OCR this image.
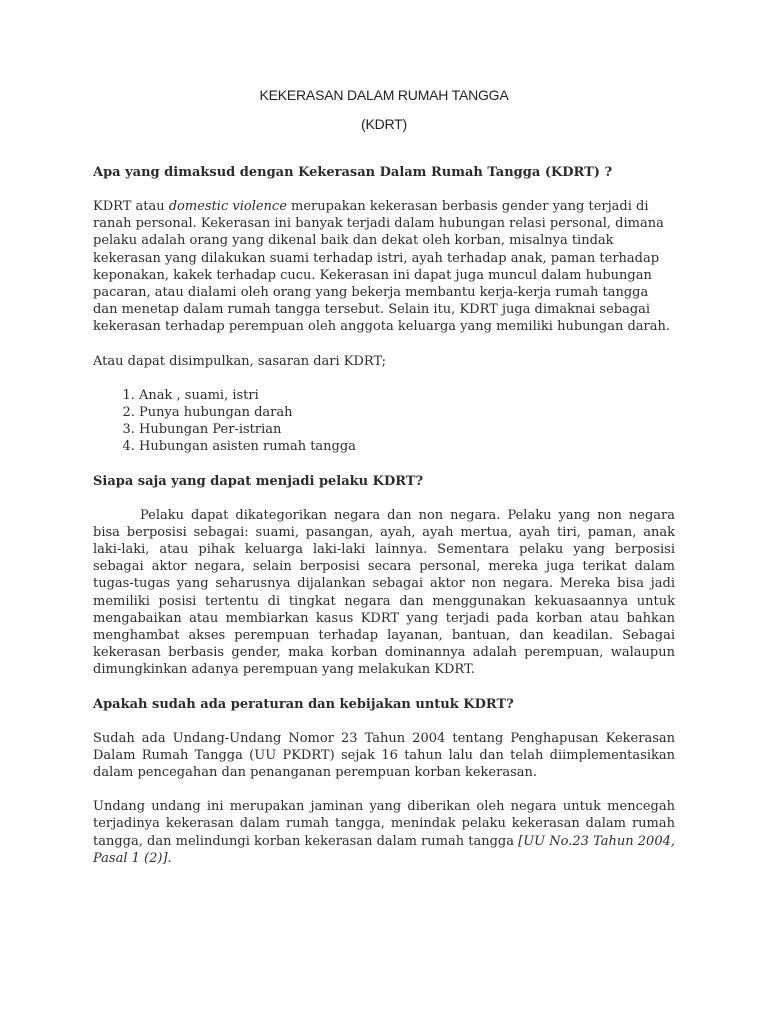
KEKERASAN DALAM RUMAH TANGGA
(KDRT)
Apa yang dimaksud dengan Kekerasan Dalam Rumah Tangga (KDRT) ?

KDRT atau domestic violence merupakan kekerasan berbasis gender yang terjadi di ranah personal. Kekerasan ini banyak terjadi dalam hubungan relasi personal, dimana pelaku adalah orang yang dikenal baik dan dekat oleh korban, misalnya tindak kekerasan yang dilakukan suami terhadap istri, ayah terhadap anak, paman terhadap keponakan, kakek terhadap cucu. Kekerasan ini dapat juga muncul dalam hubungan pacaran, atau dialami oleh orang yang bekerja membantu kerja-kerja rumah tangga dan menetap dalam rumah tangga tersebut. Selain itu, KDRT juga dimaknai sebagai kekerasan terhadap perempuan oleh anggota keluarga yang memiliki hubungan darah.

Atau dapat disimpulkan, sasaran dari KDRT;

1. Anak , suami, istri
2. Punya hubungan darah
3. Hubungan Per-istrian
4. Hubungan asisten rumah tangga
Siapa saja yang dapat menjadi pelaku KDRT?

Pelaku dapat dikategorikan negara dan non negara. Pelaku yang non negara bisa berposisi sebagai: suami, pasangan, ayah, ayah mertua, ayah tiri, paman, anak laki-laki, atau pihak keluarga laki-laki lainnya. Sementara pelaku yang berposisi sebagai aktor negara, selain berposisi secara personal, mereka juga terikat dalam tugas-tugas yang seharusnya dijalankan sebagai aktor non negara. Mereka bisa jadi memiliki posisi tertentu di tingkat negara dan menggunakan kekuasaannya untuk mengabaikan atau membiarkan kasus KDRT yang terjadi pada korban atau bahkan menghambat akses perempuan terhadap layanan, bantuan, dan keadilan. Sebagai kekerasan berbasis gender, maka korban dominannya adalah perempuan, walaupun dimungkinkan adanya perempuan yang melakukan KDRT.

Apakah sudah ada peraturan dan kebijakan untuk KDRT?

Sudah ada Undang-Undang Nomor 23 Tahun 2004 tentang Penghapusan Kekerasan Dalam Rumah Tangga (UU PKDRT) sejak 16 tahun lalu dan telah diimplementasikan dalam pencegahan dan penanganan perempuan korban kekerasan.

Undang undang ini merupakan jaminan yang diberikan oleh negara untuk mencegah terjadinya kekerasan dalam rumah tangga, menindak pelaku kekerasan dalam rumah tangga, dan melindungi korban kekerasan dalam rumah tangga [UU No.23 Tahun 2004, Pasal 1 (2)].
